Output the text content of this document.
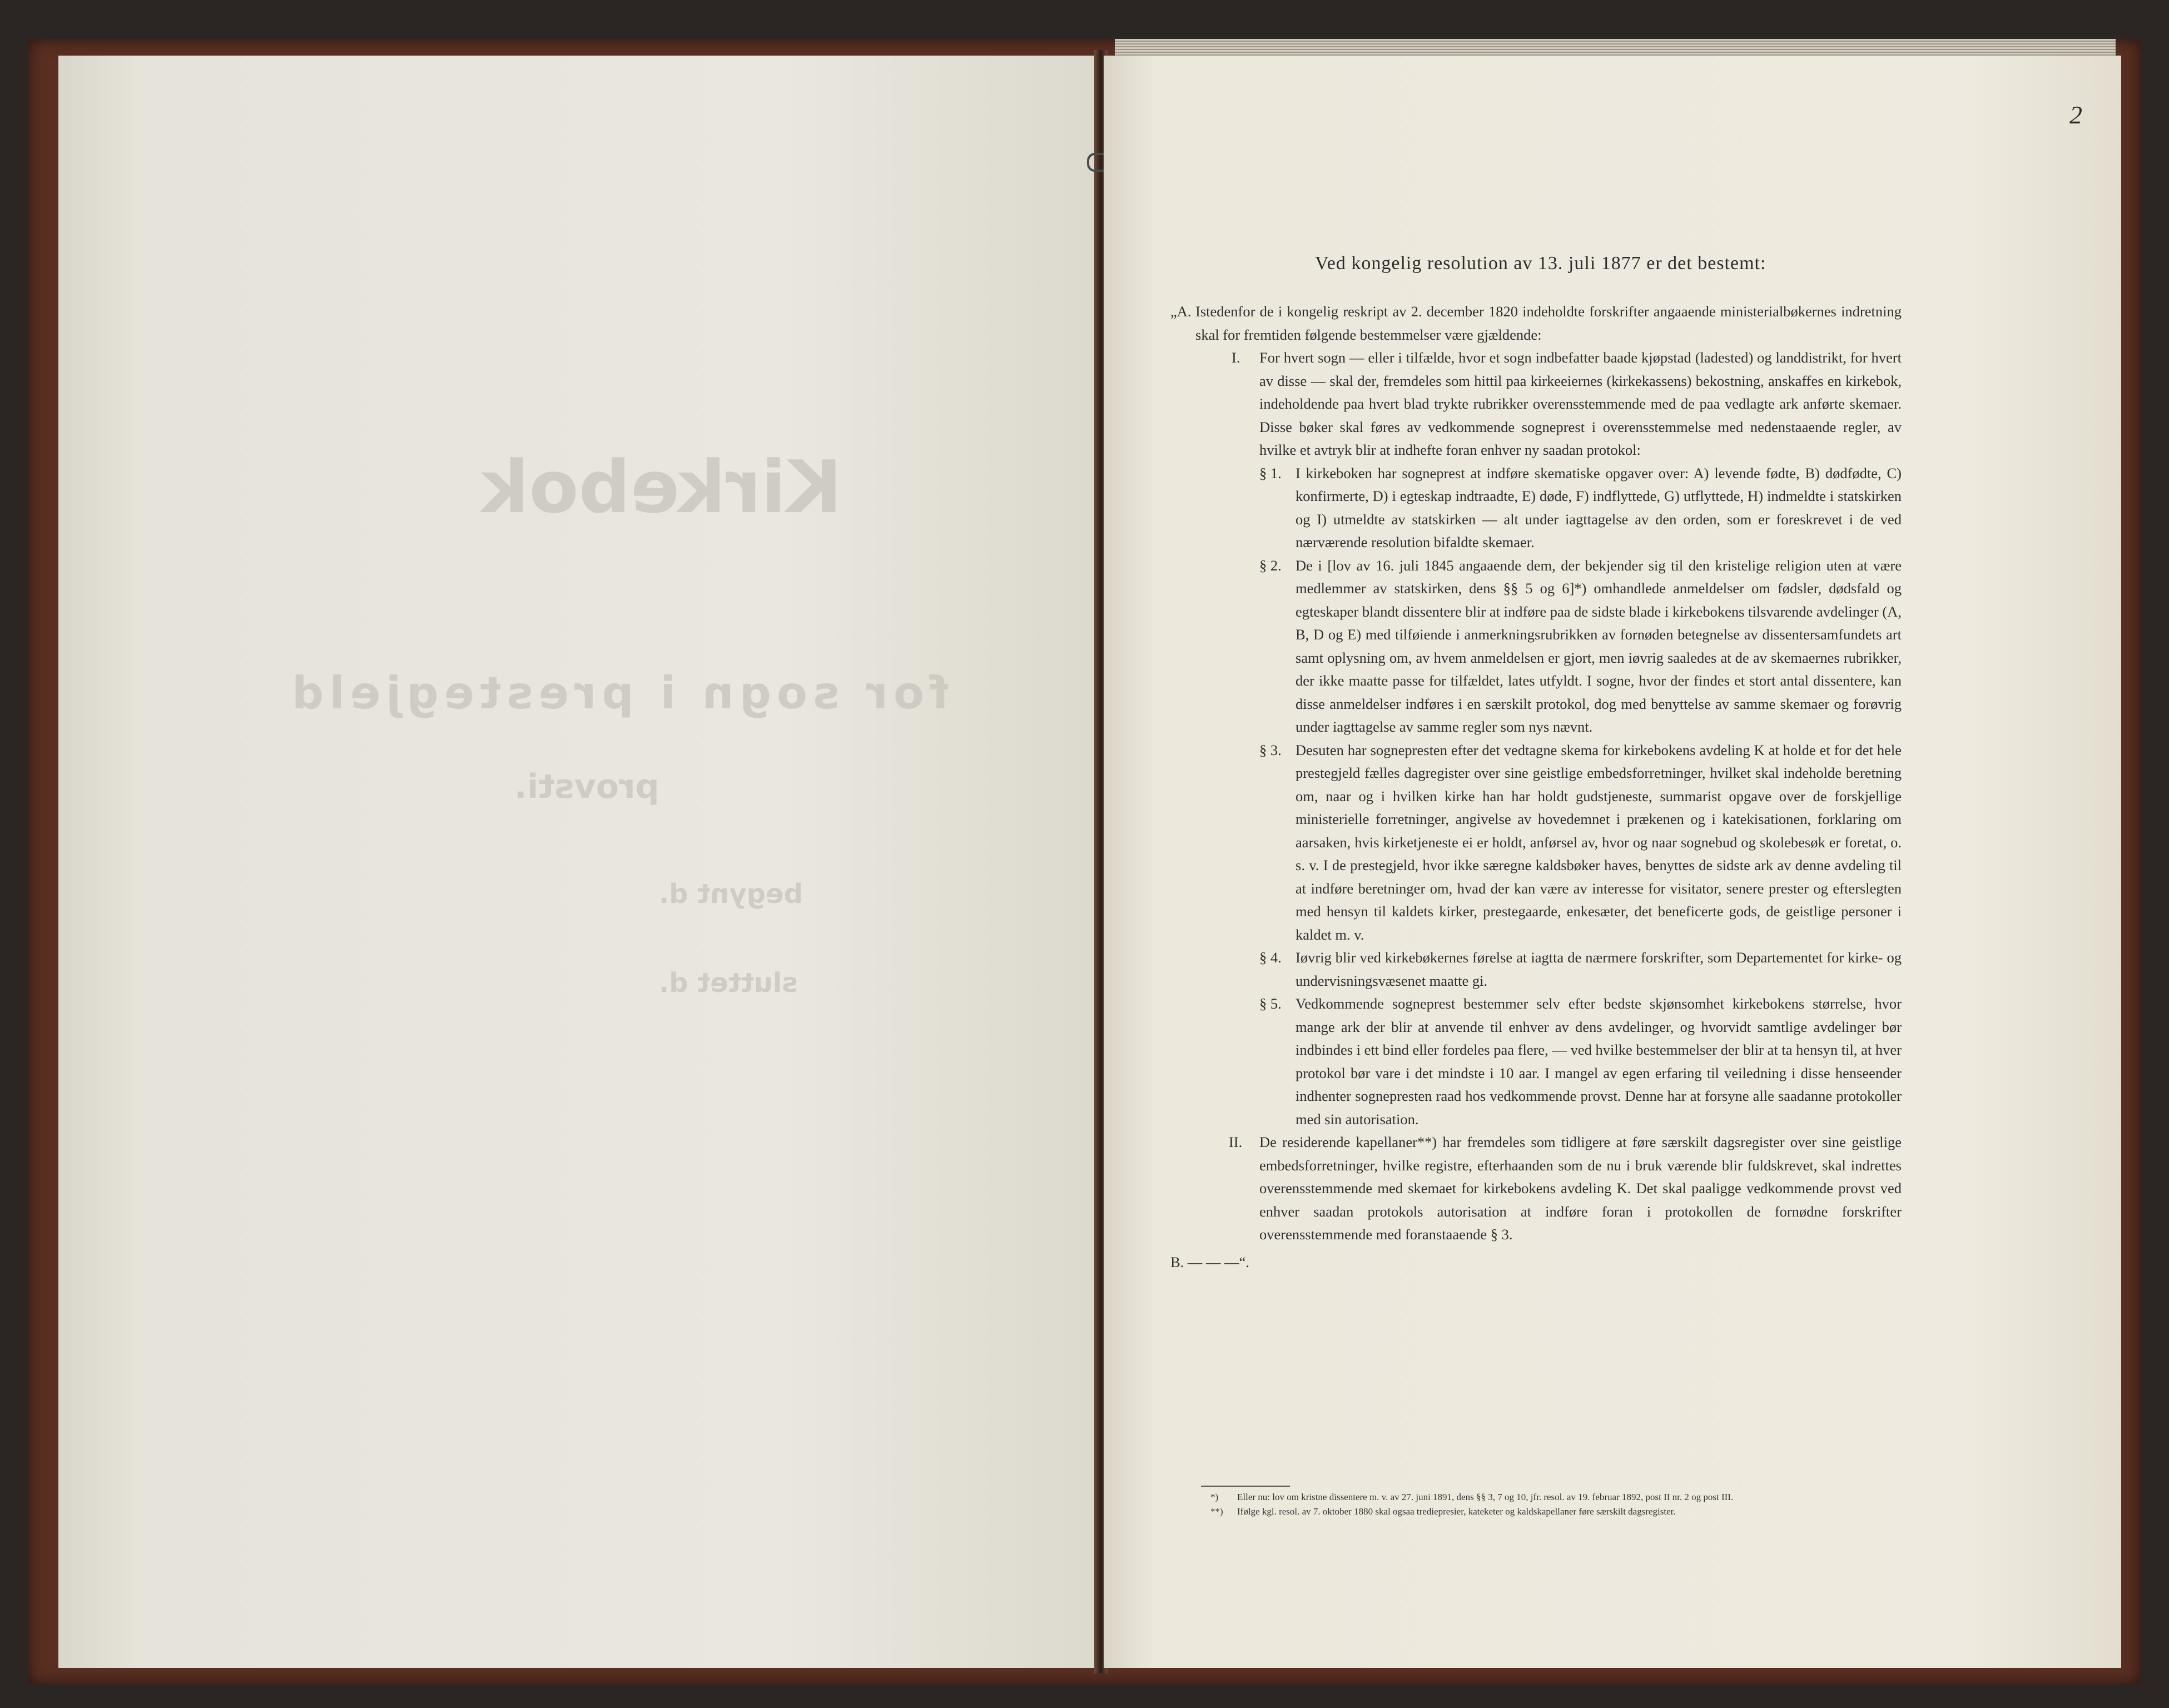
Kirkebok
for sogn i prestegjeld
provsti.
begynt d.
sluttet d.
2
Ved kongelig resolution av 13. juli 1877 er det bestemt:

„A. Istedenfor de i kongelig reskript av 2. december 1820 indeholdte forskrifter angaaende ministerialbøkernes indretning skal for fremtiden følgende bestemmelser være gjældende:

I. For hvert sogn — eller i tilfælde, hvor et sogn indbefatter baade kjøpstad (ladested) og landdistrikt, for hvert av disse — skal der, fremdeles som hittil paa kirkeeiernes (kirkekassens) bekostning, anskaffes en kirkebok, indeholdende paa hvert blad trykte rubrikker overensstemmende med de paa vedlagte ark anførte skemaer. Disse bøker skal føres av vedkommende sogneprest i overensstemmelse med nedenstaaende regler, av hvilke et avtryk blir at indhefte foran enhver ny saadan protokol:

§ 1. I kirkeboken har sogneprest at indføre skematiske opgaver over: A) levende fødte, B) dødfødte, C) konfirmerte, D) i egteskap indtraadte, E) døde, F) indflyttede, G) utflyttede, H) indmeldte i statskirken og I) utmeldte av statskirken — alt under iagttagelse av den orden, som er foreskrevet i de ved nærværende resolution bifaldte skemaer.

§ 2. De i [lov av 16. juli 1845 angaaende dem, der bekjender sig til den kristelige religion uten at være medlemmer av statskirken, dens §§ 5 og 6]*) omhandlede anmeldelser om fødsler, dødsfald og egteskaper blandt dissentere blir at indføre paa de sidste blade i kirkebokens tilsvarende avdelinger (A, B, D og E) med tilføiende i anmerkningsrubrikken av fornøden betegnelse av dissentersamfundets art samt oplysning om, av hvem anmeldelsen er gjort, men iøvrig saaledes at de av skemaernes rubrikker, der ikke maatte passe for tilfældet, lates utfyldt. I sogne, hvor der findes et stort antal dissentere, kan disse anmeldelser indføres i en særskilt protokol, dog med benyttelse av samme skemaer og forøvrig under iagttagelse av samme regler som nys nævnt.

§ 3. Desuten har sognepresten efter det vedtagne skema for kirkebokens avdeling K at holde et for det hele prestegjeld fælles dagregister over sine geistlige embedsforretninger, hvilket skal indeholde beretning om, naar og i hvilken kirke han har holdt gudstjeneste, summarist opgave over de forskjellige ministerielle forretninger, angivelse av hovedemnet i prækenen og i katekisationen, forklaring om aarsaken, hvis kirketjeneste ei er holdt, anførsel av, hvor og naar sognebud og skolebesøk er foretat, o. s. v. I de prestegjeld, hvor ikke særegne kaldsbøker haves, benyttes de sidste ark av denne avdeling til at indføre beretninger om, hvad der kan være av interesse for visitator, senere prester og efterslegten med hensyn til kaldets kirker, prestegaarde, enkesæter, det beneficerte gods, de geistlige personer i kaldet m. v.

§ 4. Iøvrig blir ved kirkebøkernes førelse at iagtta de nærmere forskrifter, som Departementet for kirke- og undervisningsvæsenet maatte gi.

§ 5. Vedkommende sogneprest bestemmer selv efter bedste skjønsomhet kirkebokens størrelse, hvor mange ark der blir at anvende til enhver av dens avdelinger, og hvorvidt samtlige avdelinger bør indbindes i ett bind eller fordeles paa flere, — ved hvilke bestemmelser der blir at ta hensyn til, at hver protokol bør vare i det mindste i 10 aar. I mangel av egen erfaring til veiledning i disse henseender indhenter sognepresten raad hos vedkommende provst. Denne har at forsyne alle saadanne protokoller med sin autorisation.

II. De residerende kapellaner**) har fremdeles som tidligere at føre særskilt dagsregister over sine geistlige embedsforretninger, hvilke registre, efterhaanden som de nu i bruk værende blir fuldskrevet, skal indrettes overensstemmende med skemaet for kirkebokens avdeling K. Det skal paaligge vedkommende provst ved enhver saadan protokols autorisation at indføre foran i protokollen de fornødne forskrifter overensstemmende med foranstaaende § 3.

B. — — —“.

*) Eller nu: lov om kristne dissentere m. v. av 27. juni 1891, dens §§ 3, 7 og 10, jfr. resol. av 19. februar 1892, post II nr. 2 og post III.

**) Ifølge kgl. resol. av 7. oktober 1880 skal ogsaa trediepresier, kateketer og kaldskapellaner føre særskilt dagsregister.
